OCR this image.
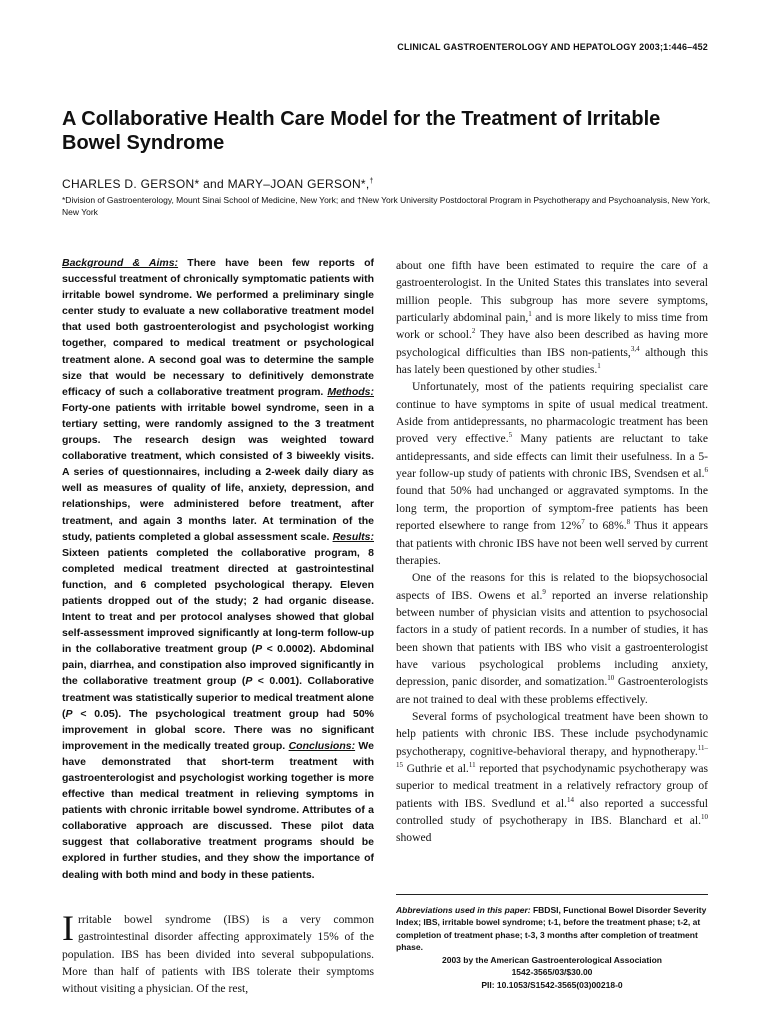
CLINICAL GASTROENTEROLOGY AND HEPATOLOGY 2003;1:446–452
A Collaborative Health Care Model for the Treatment of Irritable Bowel Syndrome
CHARLES D. GERSON* and MARY–JOAN GERSON*,†
*Division of Gastroenterology, Mount Sinai School of Medicine, New York; and †New York University Postdoctoral Program in Psychotherapy and Psychoanalysis, New York, New York

Background & Aims: There have been few reports of successful treatment of chronically symptomatic patients with irritable bowel syndrome. We performed a preliminary single center study to evaluate a new collaborative treatment model that used both gastroenterologist and psychologist working together, compared to medical treatment or psychological treatment alone. A second goal was to determine the sample size that would be necessary to definitively demonstrate efficacy of such a collaborative treatment program. Methods: Forty-one patients with irritable bowel syndrome, seen in a tertiary setting, were randomly assigned to the 3 treatment groups. The research design was weighted toward collaborative treatment, which consisted of 3 biweekly visits. A series of questionnaires, including a 2-week daily diary as well as measures of quality of life, anxiety, depression, and relationships, were administered before treatment, after treatment, and again 3 months later. At termination of the study, patients completed a global assessment scale. Results: Sixteen patients completed the collaborative program, 8 completed medical treatment directed at gastrointestinal function, and 6 completed psychological therapy. Eleven patients dropped out of the study; 2 had organic disease. Intent to treat and per protocol analyses showed that global self-assessment improved significantly at long-term follow-up in the collaborative treatment group (P < 0.0002). Abdominal pain, diarrhea, and constipation also improved significantly in the collaborative treatment group (P < 0.001). Collaborative treatment was statistically superior to medical treatment alone (P < 0.05). The psychological treatment group had 50% improvement in global score. There was no significant improvement in the medically treated group. Conclusions: We have demonstrated that short-term treatment with gastroenterologist and psychologist working together is more effective than medical treatment in relieving symptoms in patients with chronic irritable bowel syndrome. Attributes of a collaborative approach are discussed. These pilot data suggest that collaborative treatment programs should be explored in further studies, and they show the importance of dealing with both mind and body in these patients.

Irritable bowel syndrome (IBS) is a very common gastrointestinal disorder affecting approximately 15% of the population. IBS has been divided into several subpopulations. More than half of patients with IBS tolerate their symptoms without visiting a physician. Of the rest,

about one fifth have been estimated to require the care of a gastroenterologist. In the United States this translates into several million people. This subgroup has more severe symptoms, particularly abdominal pain,$^1$ and is more likely to miss time from work or school.$^2$ They have also been described as having more psychological difficulties than IBS non-patients,$^{3,4}$ although this has lately been questioned by other studies.$^1$

Unfortunately, most of the patients requiring specialist care continue to have symptoms in spite of usual medical treatment. Aside from antidepressants, no pharmacologic treatment has been proved very effective.$^5$ Many patients are reluctant to take antidepressants, and side effects can limit their usefulness. In a 5-year follow-up study of patients with chronic IBS, Svendsen et al.$^6$ found that 50% had unchanged or aggravated symptoms. In the long term, the proportion of symptom-free patients has been reported elsewhere to range from 12%$^7$ to 68%.$^8$ Thus it appears that patients with chronic IBS have not been well served by current therapies.

One of the reasons for this is related to the biopsychosocial aspects of IBS. Owens et al.$^9$ reported an inverse relationship between number of physician visits and attention to psychosocial factors in a study of patient records. In a number of studies, it has been shown that patients with IBS who visit a gastroenterologist have various psychological problems including anxiety, depression, panic disorder, and somatization.$^{10}$ Gastroenterologists are not trained to deal with these problems effectively.

Several forms of psychological treatment have been shown to help patients with chronic IBS. These include psychodynamic psychotherapy, cognitive-behavioral therapy, and hypnotherapy.$^{11-15}$ Guthrie et al.$^{11}$ reported that psychodynamic psychotherapy was superior to medical treatment in a relatively refractory group of patients with IBS. Svedlund et al.$^{14}$ also reported a successful controlled study of psychotherapy in IBS. Blanchard et al.$^{10}$ showed

Abbreviations used in this paper: FBDSI, Functional Bowel Disorder Severity Index; IBS, irritable bowel syndrome; t-1, before the treatment phase; t-2, at completion of treatment phase; t-3, 3 months after completion of treatment phase.
2003 by the American Gastroenterological Association
1542-3565/03/$30.00
PII: 10.1053/S1542-3565(03)00218-0
